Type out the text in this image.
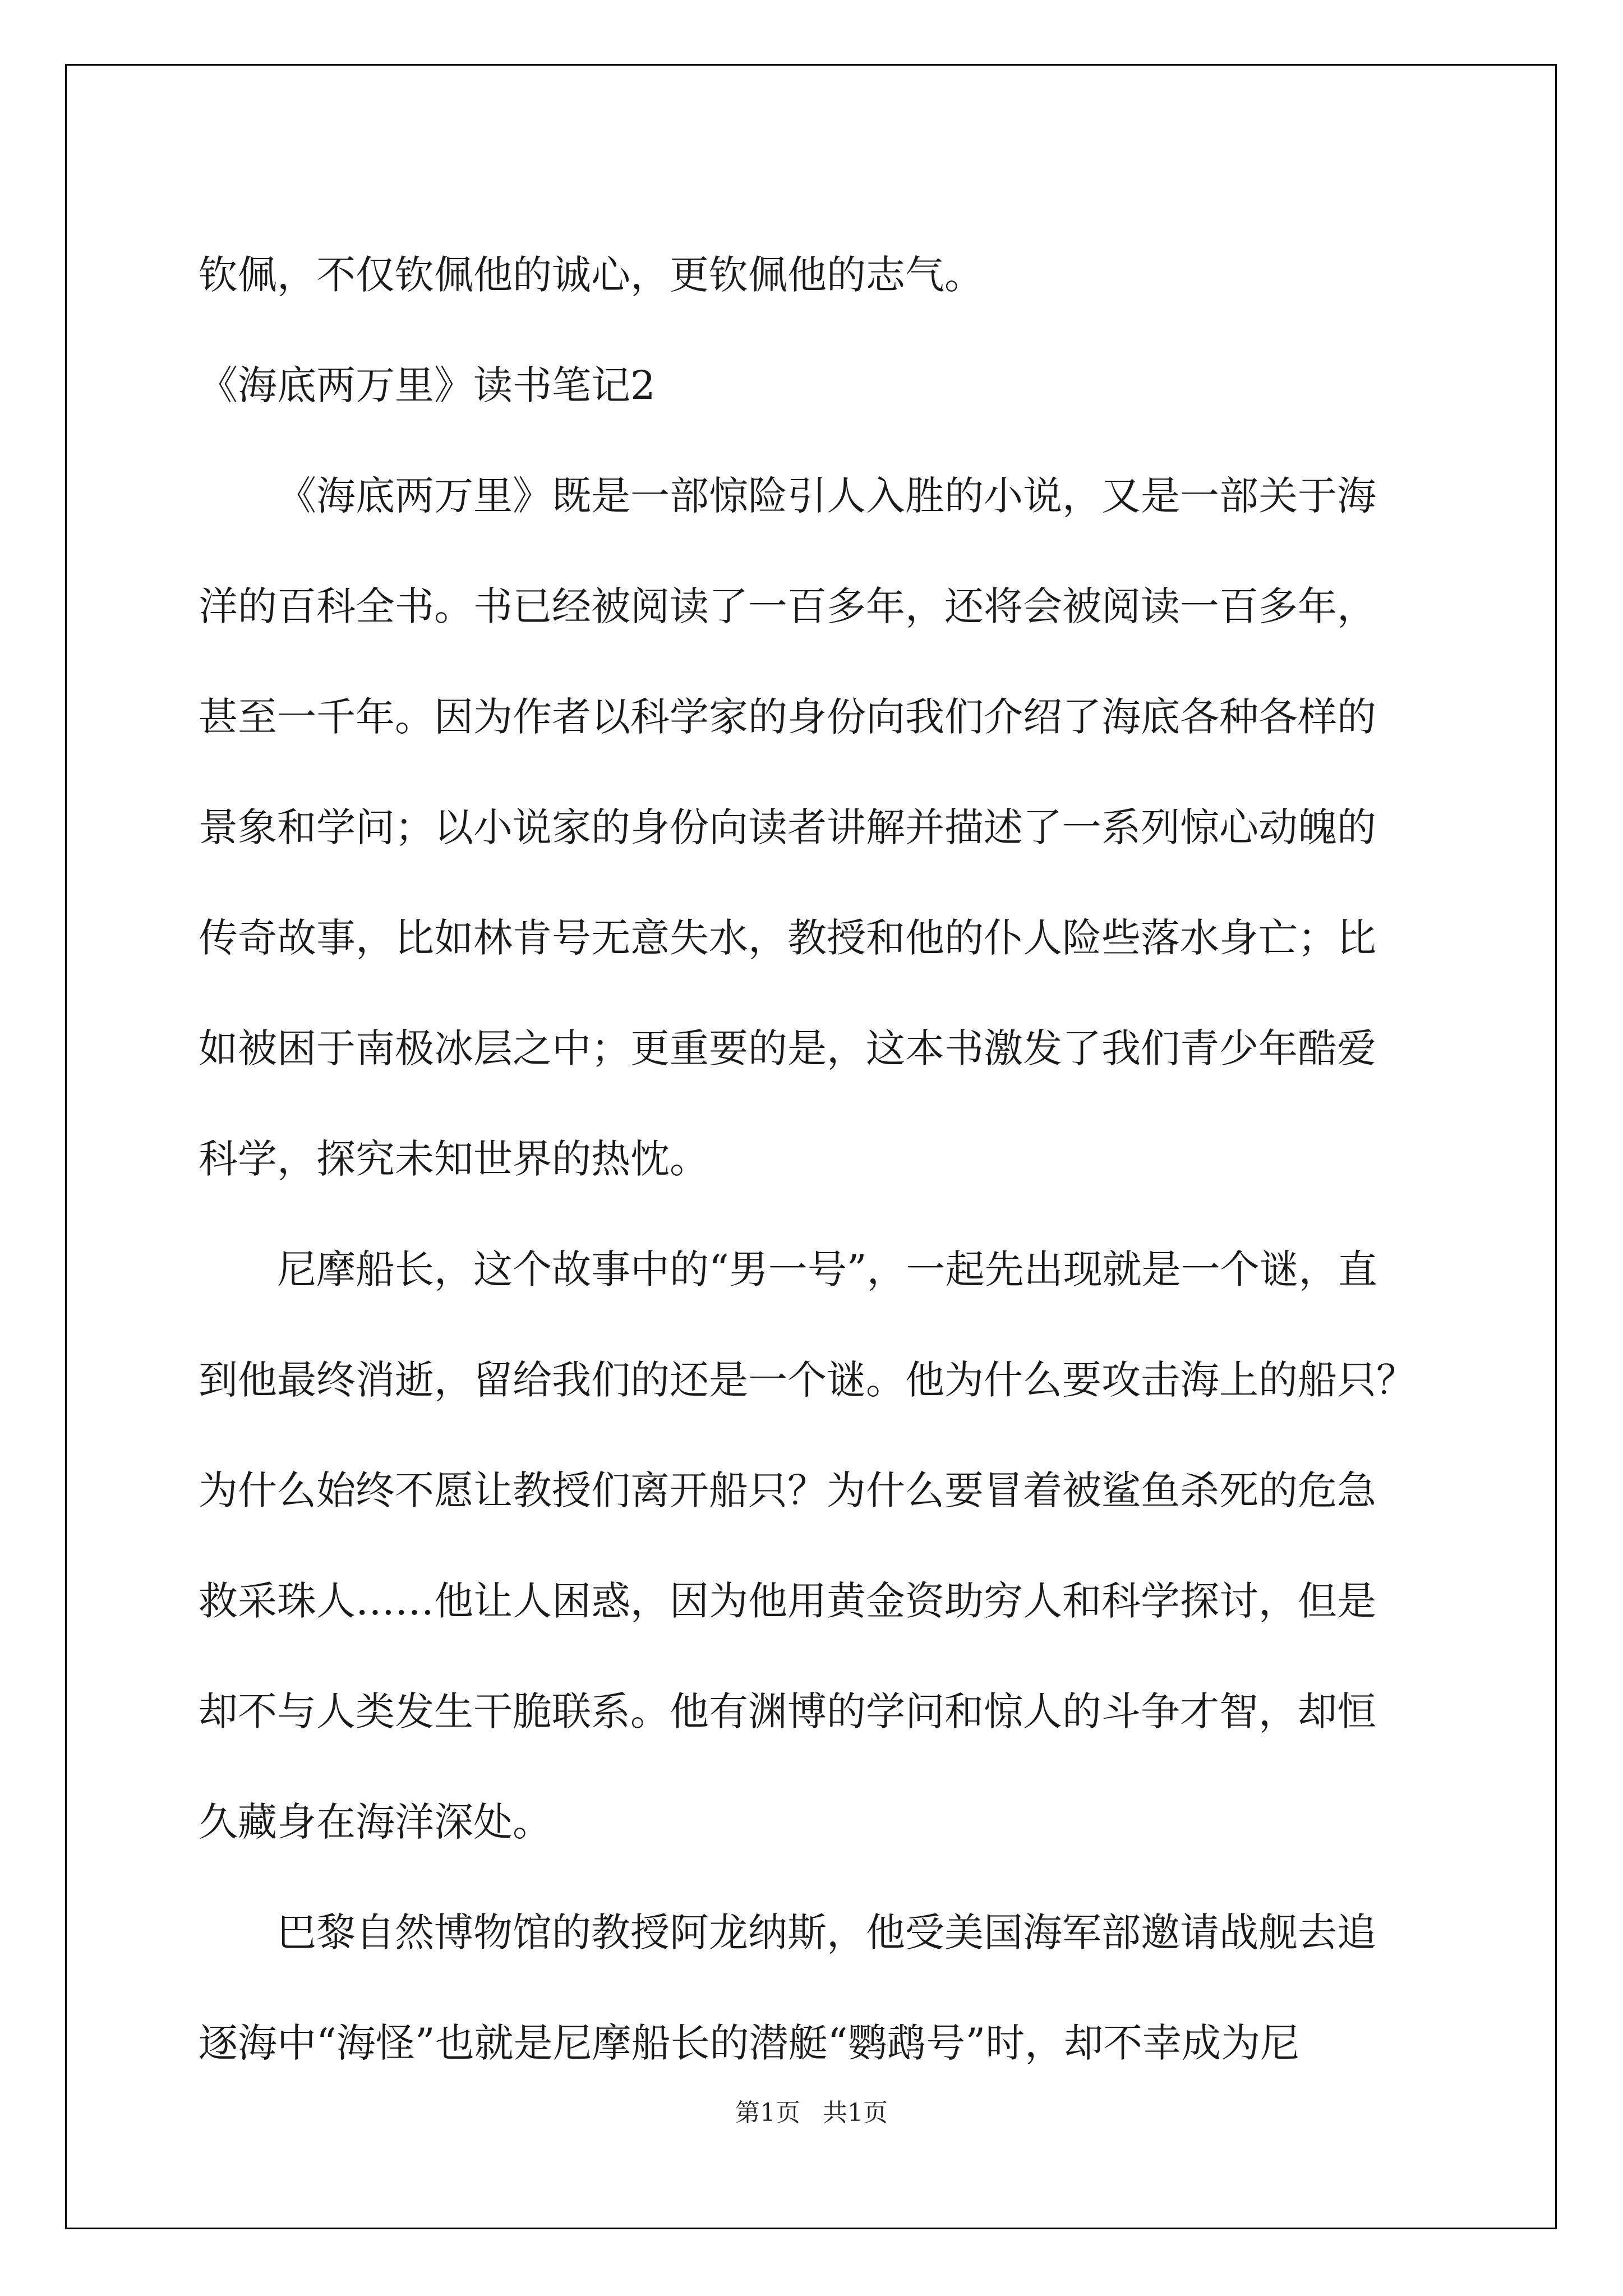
钦佩，不仅钦佩他的诚心，更钦佩他的志气。
《海底两万里》读书笔记2
《海底两万里》既是一部惊险引人入胜的小说，又是一部关于海
洋的百科全书。书已经被阅读了一百多年，还将会被阅读一百多年，
甚至一千年。因为作者以科学家的身份向我们介绍了海底各种各样的
景象和学问；以小说家的身份向读者讲解并描述了一系列惊心动魄的
传奇故事，比如林肯号无意失水，教授和他的仆人险些落水身亡；比
如被困于南极冰层之中；更重要的是，这本书激发了我们青少年酷爱
科学，探究未知世界的热忱。
尼摩船长，这个故事中的“男一号”，一起先出现就是一个谜，直
到他最终消逝，留给我们的还是一个谜。他为什么要攻击海上的船只？
为什么始终不愿让教授们离开船只？为什么要冒着被鲨鱼杀死的危急
救采珠人……他让人困惑，因为他用黄金资助穷人和科学探讨，但是
却不与人类发生干脆联系。他有渊博的学问和惊人的斗争才智，却恒
久藏身在海洋深处。
巴黎自然博物馆的教授阿龙纳斯，他受美国海军部邀请战舰去追
逐海中“海怪”也就是尼摩船长的潜艇“鹦鹉号”时，却不幸成为尼
第1页 共1页
